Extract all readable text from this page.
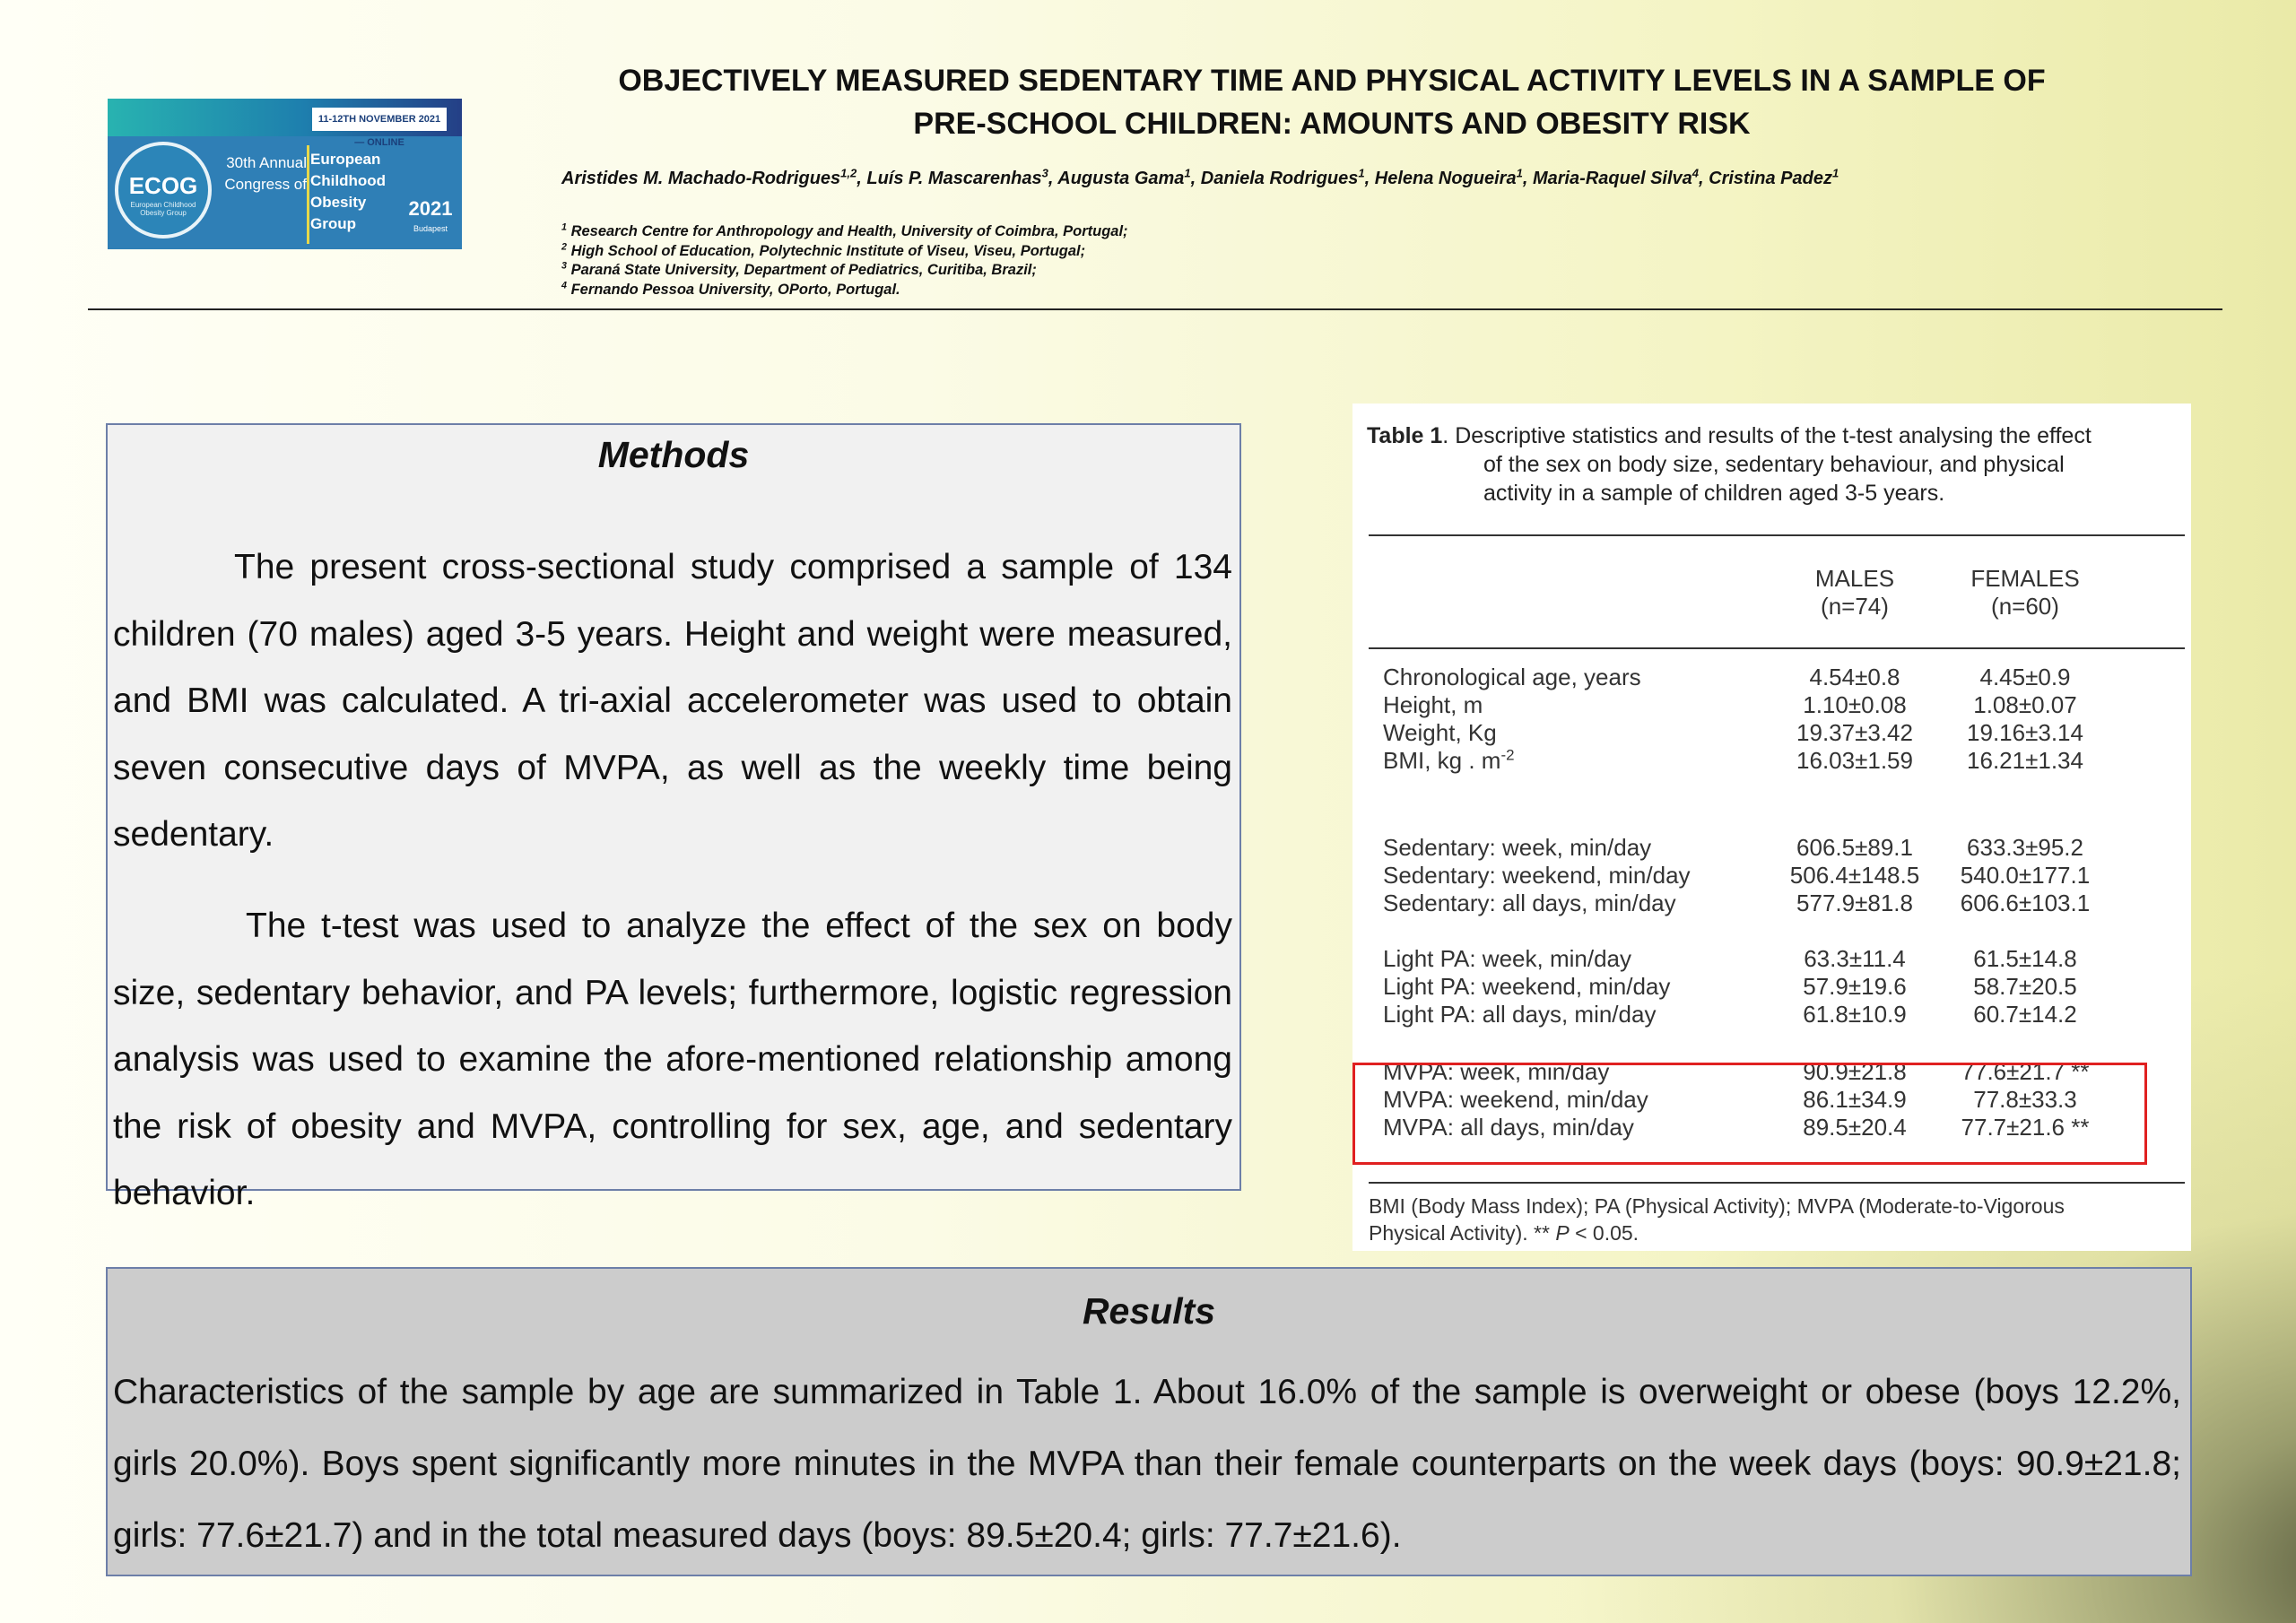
11-12TH NOVEMBER 2021 — ONLINE
ECOG
European Childhood Obesity Group
30th Annual
Congress of
European
Childhood
Obesity
Group
2021
Budapest
OBJECTIVELY MEASURED SEDENTARY TIME AND PHYSICAL ACTIVITY LEVELS IN A SAMPLE OF
PRE-SCHOOL CHILDREN: AMOUNTS AND OBESITY RISK
Aristides M. Machado-Rodrigues$^{1,2}$, Luís P. Mascarenhas$^3$, Augusta Gama$^1$, Daniela Rodrigues$^1$, Helena Nogueira$^1$, Maria-Raquel Silva$^4$, Cristina Padez$^1$
$^1$ Research Centre for Anthropology and Health, University of Coimbra, Portugal;
$^2$ High School of Education, Polytechnic Institute of Viseu, Viseu, Portugal;
$^3$ Paraná State University, Department of Pediatrics, Curitiba, Brazil;
$^4$ Fernando Pessoa University, OPorto, Portugal.
Methods

The present cross-sectional study comprised a sample of 134 children (70 males) aged 3-5 years. Height and weight were measured, and BMI was calculated. A tri-axial accelerometer was used to obtain seven consecutive days of MVPA, as well as the weekly time being sedentary.

The t-test was used to analyze the effect of the sex on body size, sedentary behavior, and PA levels; furthermore, logistic regression analysis was used to examine the afore-mentioned relationship among the risk of obesity and MVPA, controlling for sex, age, and sedentary behavior.

Table 1. Descriptive statistics and results of the t-test analysing the effect
of the sex on body size, sedentary behaviour, and physical
activity in a sample of children aged 3-5 years.
MALES
(n=74)
FEMALES
(n=60)
Chronological age, years	4.54±0.8	4.45±0.9
Height, m	1.10±0.08	1.08±0.07
Weight, Kg	19.37±3.42	19.16±3.14
BMI, kg . $m^{-2}$	16.03±1.59	16.21±1.34
Sedentary: week, min/day	606.5±89.1	633.3±95.2
Sedentary: weekend, min/day	506.4±148.5	540.0±177.1
Sedentary: all days, min/day	577.9±81.8	606.6±103.1
Light PA: week, min/day	63.3±11.4	61.5±14.8
Light PA: weekend, min/day	57.9±19.6	58.7±20.5
Light PA: all days, min/day	61.8±10.9	60.7±14.2
MVPA: week, min/day	90.9±21.8	77.6±21.7 **
MVPA: weekend, min/day	86.1±34.9	77.8±33.3
MVPA: all days, min/day	89.5±20.4	77.7±21.6 **
BMI (Body Mass Index); PA (Physical Activity); MVPA (Moderate-to-Vigorous
Physical Activity). ** P < 0.05.
Results

Characteristics of the sample by age are summarized in Table 1. About 16.0% of the sample is overweight or obese (boys 12.2%, girls 20.0%). Boys spent significantly more minutes in the MVPA than their female counterparts on the week days (boys: 90.9±21.8; girls: 77.6±21.7) and in the total measured days (boys: 89.5±20.4; girls: 77.7±21.6).
